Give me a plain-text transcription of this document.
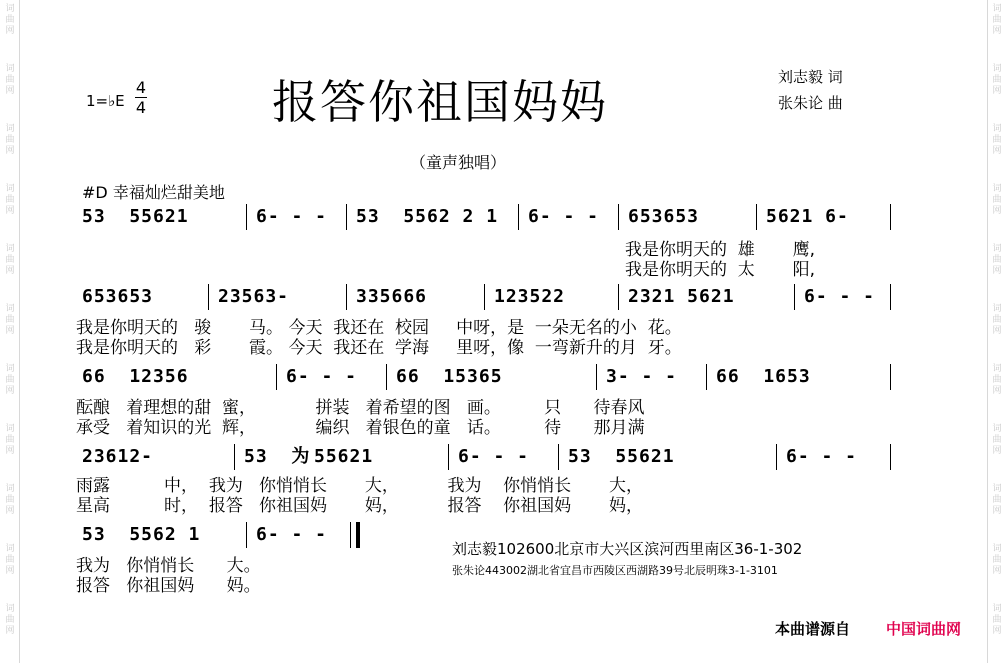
词
曲
网
词
曲
网
词
曲
网
词
曲
网
词
曲
网
词
曲
网
词
曲
网
词
曲
网
词
曲
网
词
曲
网
词
曲
网
词
曲
网
词
曲
网
词
曲
网
词
曲
网
词
曲
网
词
曲
网
词
曲
网
词
曲
网
词
曲
网
词
曲
网
词
曲
网
1=♭E
4
4	报答你祖国妈妈	刘志毅 词
张朱论 曲
（童声独唱）
#D 幸福灿烂甜美地
53  55621	6- - - 53  5562 2 1 6- - - 653653	5621 6-
我是你明天的  雄       鹰,
我是你明天的  太       阳,
653653	23563-	335666	123522	2321 5621	6- - -
我是你明天的   骏       马。 今天  我还在  校园     中呀，是  一朵无名的小  花。
我是你明天的   彩       霞。 今天  我还在  学海     里呀，像  一弯新升的月  牙。
66  12356	6- - - 66  15365	3- - - 66  1653
酝酿   着理想的甜  蜜，           拼装   着希望的图   画。        只      待春风
承受   着知识的光  辉，           编织   着银色的童   话。        待      那月满
23612-	53  为 55621	6- - - 53  55621	6- - -
雨露          中，  我为   你悄悄长       大，         我为    你悄悄长       大，
星高          时，  报答   你祖国妈       妈，         报答    你祖国妈       妈，
53  5562 1	6- - -
我为   你悄悄长      大。
报答   你祖国妈      妈。
刘志毅102600北京市大兴区滨河西里南区36-1-302
张朱论443002湖北省宜昌市西陵区西湖路39号北辰明珠3-1-3101
本曲谱源自 中国词曲网
